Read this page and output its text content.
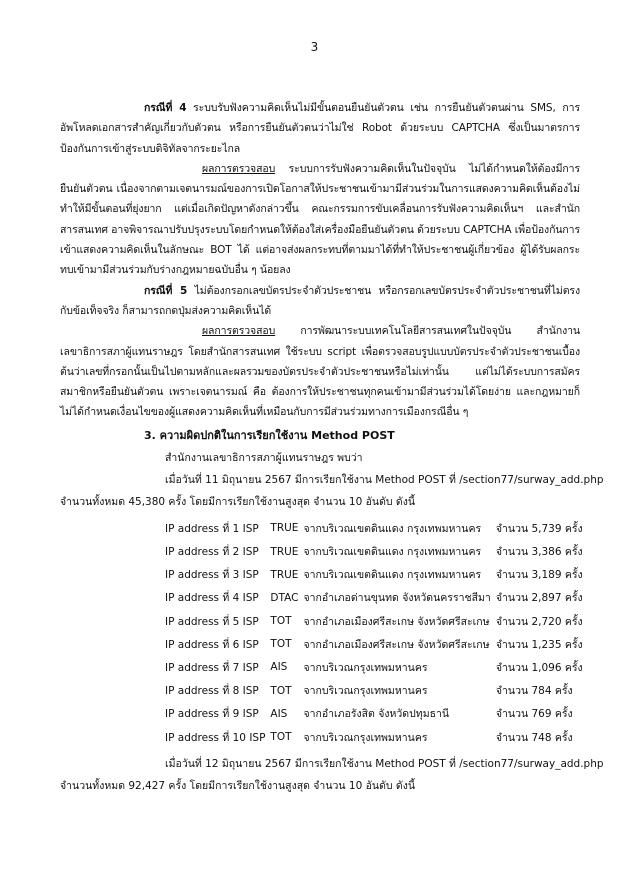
3

กรณีที่ 4 ระบบรับฟังความคิดเห็นไม่มีขั้นตอนยืนยันตัวตน เช่น การยืนยันตัวตนผ่าน SMS, การอัพโหลดเอกสารสำคัญเกี่ยวกับตัวตน หรือการยืนยันตัวตนว่าไม่ใช่ Robot ด้วยระบบ CAPTCHA ซึ่งเป็นมาตรการป้องกันการเข้าสู่ระบบดิจิทัลจากระยะไกล

ผลการตรวจสอบ ระบบการรับฟังความคิดเห็นในปัจจุบัน ไม่ได้กำหนดให้ต้องมีการยืนยันตัวตน เนื่องจากตามเจตนารมณ์ของการเปิดโอกาสให้ประชาชนเข้ามามีส่วนร่วมในการแสดงความคิดเห็นต้องไม่ทำให้มีขั้นตอนที่ยุ่งยาก แต่เมื่อเกิดปัญหาดังกล่าวขึ้น คณะกรรมการขับเคลื่อนการรับฟังความคิดเห็นฯ และสำนักสารสนเทศ อาจพิจารณาปรับปรุงระบบโดยกำหนดให้ต้องใส่เครื่องมือยืนยันตัวตน ด้วยระบบ CAPTCHA เพื่อป้องกันการเข้าแสดงความคิดเห็นในลักษณะ BOT ได้ แต่อาจส่งผลกระทบที่ตามมาได้ที่ทำให้ประชาชนผู้เกี่ยวข้อง ผู้ได้รับผลกระทบเข้ามามีส่วนร่วมกับร่างกฎหมายฉบับอื่น ๆ น้อยลง

กรณีที่ 5 ไม่ต้องกรอกเลขบัตรประจำตัวประชาชน หรือกรอกเลขบัตรประจำตัวประชาชนที่ไม่ตรงกับข้อเท็จจริง ก็สามารถกดปุ่มส่งความคิดเห็นได้

ผลการตรวจสอบ การพัฒนาระบบเทคโนโลยีสารสนเทศในปัจจุบัน สำนักงานเลขาธิการสภาผู้แทนราษฎร โดยสำนักสารสนเทศ ใช้ระบบ script เพื่อตรวจสอบรูปแบบบัตรประจำตัวประชาชนเบื้องต้นว่าเลขที่กรอกนั้นเป็นไปตามหลักและผลรวมของบัตรประจำตัวประชาชนหรือไม่เท่านั้น แต่ไม่ได้ระบบการสมัครสมาชิกหรือยืนยันตัวตน เพราะเจตนารมณ์ คือ ต้องการให้ประชาชนทุกคนเข้ามามีส่วนร่วมได้โดยง่าย และกฎหมายก็ไม่ได้กำหนดเงื่อนไขของผู้แสดงความคิดเห็นที่เหมือนกับการมีส่วนร่วมทางการเมืองกรณีอื่น ๆ

3. ความผิดปกติในการเรียกใช้งาน Method POST
สำนักงานเลขาธิการสภาผู้แทนราษฎร พบว่า
เมื่อวันที่ 11 มิถุนายน 2567 มีการเรียกใช้งาน Method POST ที่ /section77/surway_add.php
จำนวนทั้งหมด 45,380 ครั้ง โดยมีการเรียกใช้งานสูงสุด จำนวน 10 อันดับ ดังนี้
IP address ที่ 1 ISP	TRUE	จากบริเวณเขตดินแดง กรุงเทพมหานคร	จำนวน 5,739 ครั้ง
IP address ที่ 2 ISP	TRUE	จากบริเวณเขตดินแดง กรุงเทพมหานคร	จำนวน 3,386 ครั้ง
IP address ที่ 3 ISP	TRUE	จากบริเวณเขตดินแดง กรุงเทพมหานคร	จำนวน 3,189 ครั้ง
IP address ที่ 4 ISP	DTAC	จากอำเภอด่านขุนทด จังหวัดนครราชสีมา	จำนวน 2,897 ครั้ง
IP address ที่ 5 ISP	TOT	จากอำเภอเมืองศรีสะเกษ จังหวัดศรีสะเกษ	จำนวน 2,720 ครั้ง
IP address ที่ 6 ISP	TOT	จากอำเภอเมืองศรีสะเกษ จังหวัดศรีสะเกษ	จำนวน 1,235 ครั้ง
IP address ที่ 7 ISP	AIS	จากบริเวณกรุงเทพมหานคร	จำนวน 1,096 ครั้ง
IP address ที่ 8 ISP	TOT	จากบริเวณกรุงเทพมหานคร	จำนวน 784 ครั้ง
IP address ที่ 9 ISP	AIS	จากอำเภอรังสิต จังหวัดปทุมธานี	จำนวน 769 ครั้ง
IP address ที่ 10 ISP	TOT	จากบริเวณกรุงเทพมหานคร	จำนวน 748 ครั้ง
เมื่อวันที่ 12 มิถุนายน 2567 มีการเรียกใช้งาน Method POST ที่ /section77/surway_add.php
จำนวนทั้งหมด 92,427 ครั้ง โดยมีการเรียกใช้งานสูงสุด จำนวน 10 อันดับ ดังนี้
